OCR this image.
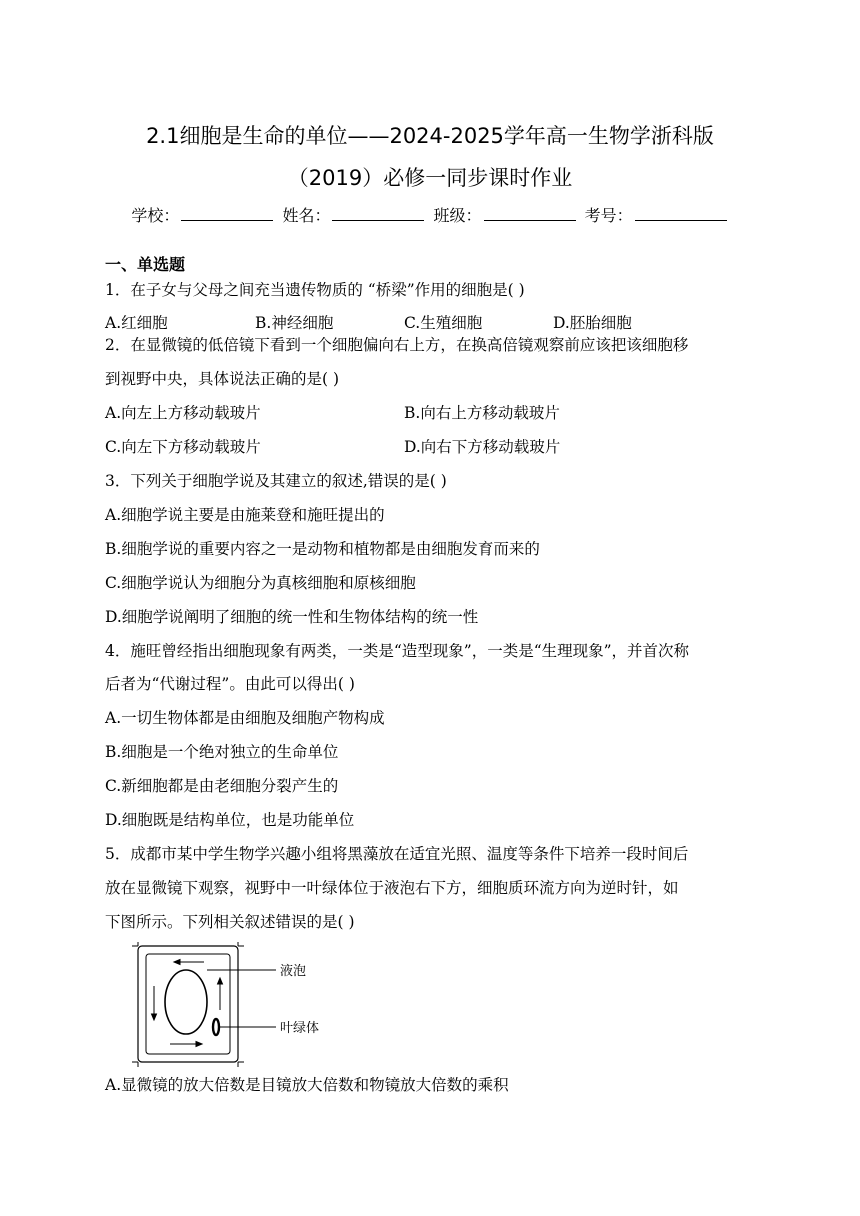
2.1细胞是生命的单位——2024-2025学年高一生物学浙科版
（2019）必修一同步课时作业
学校：	姓名：	班级：	考号：
一、单选题
1．在子女与父母之间充当遗传物质的 “桥梁”作用的细胞是( )
A.红细胞	B.神经细胞	C.生殖细胞	D.胚胎细胞
2．在显微镜的低倍镜下看到一个细胞偏向右上方，在换高倍镜观察前应该把该细胞移
到视野中央，具体说法正确的是( )
A.向左上方移动载玻片	B.向右上方移动载玻片
C.向左下方移动载玻片	D.向右下方移动载玻片
3．下列关于细胞学说及其建立的叙述,错误的是( )
A.细胞学说主要是由施莱登和施旺提出的
B.细胞学说的重要内容之一是动物和植物都是由细胞发育而来的
C.细胞学说认为细胞分为真核细胞和原核细胞
D.细胞学说阐明了细胞的统一性和生物体结构的统一性
4．施旺曾经指出细胞现象有两类，一类是“造型现象”，一类是“生理现象”，并首次称
后者为“代谢过程”。由此可以得出( )
A.一切生物体都是由细胞及细胞产物构成
B.细胞是一个绝对独立的生命单位
C.新细胞都是由老细胞分裂产生的
D.细胞既是结构单位，也是功能单位
5．成都市某中学生物学兴趣小组将黑藻放在适宜光照、温度等条件下培养一段时间后
放在显微镜下观察，视野中一叶绿体位于液泡右下方，细胞质环流方向为逆时针，如
下图所示。下列相关叙述错误的是( )
液泡
叶绿体
A.显微镜的放大倍数是目镜放大倍数和物镜放大倍数的乘积
